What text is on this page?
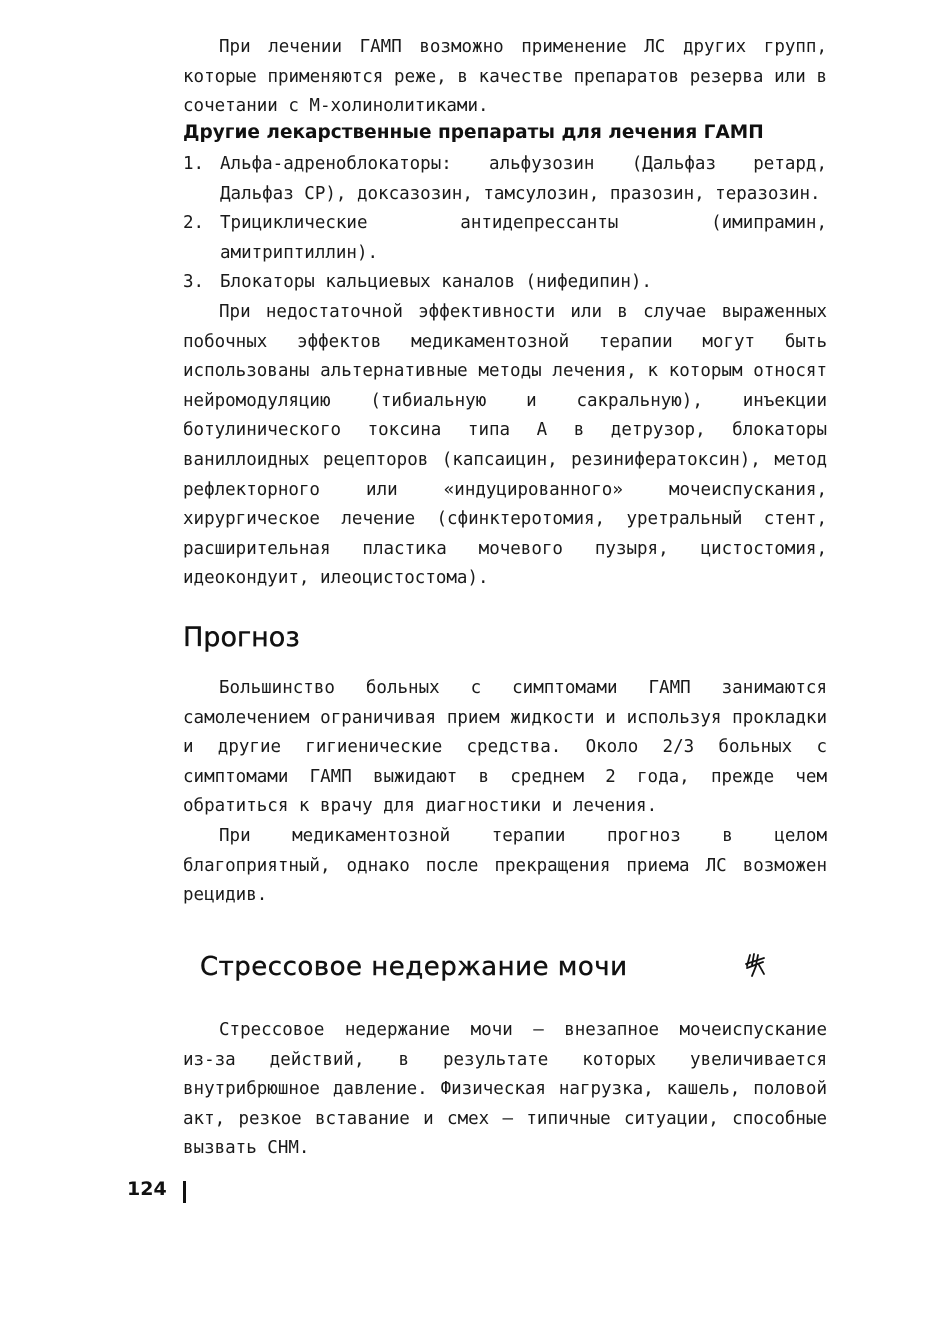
При лечении ГАМП возможно применение ЛС других групп, которые применяются реже, в качестве препаратов резерва или в сочетании с М‑холинолитиками.

Другие лекарственные препараты для лечения ГАМП
1. Альфа‑адреноблокаторы: альфузозин (Дальфаз ретард, Дальфаз СР), доксазозин, тамсулозин, празозин, теразозин.
2. Трициклические антидепрессанты (имипрамин, амитриптиллин).
3. Блокаторы кальциевых каналов (нифедипин).

При недостаточной эффективности или в случае выраженных побочных эффектов медикаментозной терапии могут быть использованы альтернативные методы лечения, к которым относят нейромодуляцию (тибиальную и сакральную), инъекции ботулинического токсина типа А в детрузор, блокаторы ваниллоидных рецепторов (капсаицин, резинифератоксин), метод рефлекторного или «индуцированного» мочеиспускания, хирургическое лечение (сфинктеротомия, уретральный стент, расширительная пластика мочевого пузыря, цистостомия, идеокондуит, илеоцистостома).

Прогноз

Большинство больных с симптомами ГАМП занимаются самолечением ограничивая прием жидкости и используя прокладки и другие гигиенические средства. Около 2/3 больных с симптомами ГАМП выжидают в среднем 2 года, прежде чем обратиться к врачу для диагностики и лечения.

При медикаментозной терапии прогноз в целом благоприятный, однако после прекращения приема ЛС возможен рецидив.

Стрессовое недержание мочи

Стрессовое недержание мочи — внезапное мочеиспускание из‑за действий, в результате которых увеличивается внутрибрюшное давление. Физическая нагрузка, кашель, половой акт, резкое вставание и смех — типичные ситуации, способные вызвать СНМ.

124
